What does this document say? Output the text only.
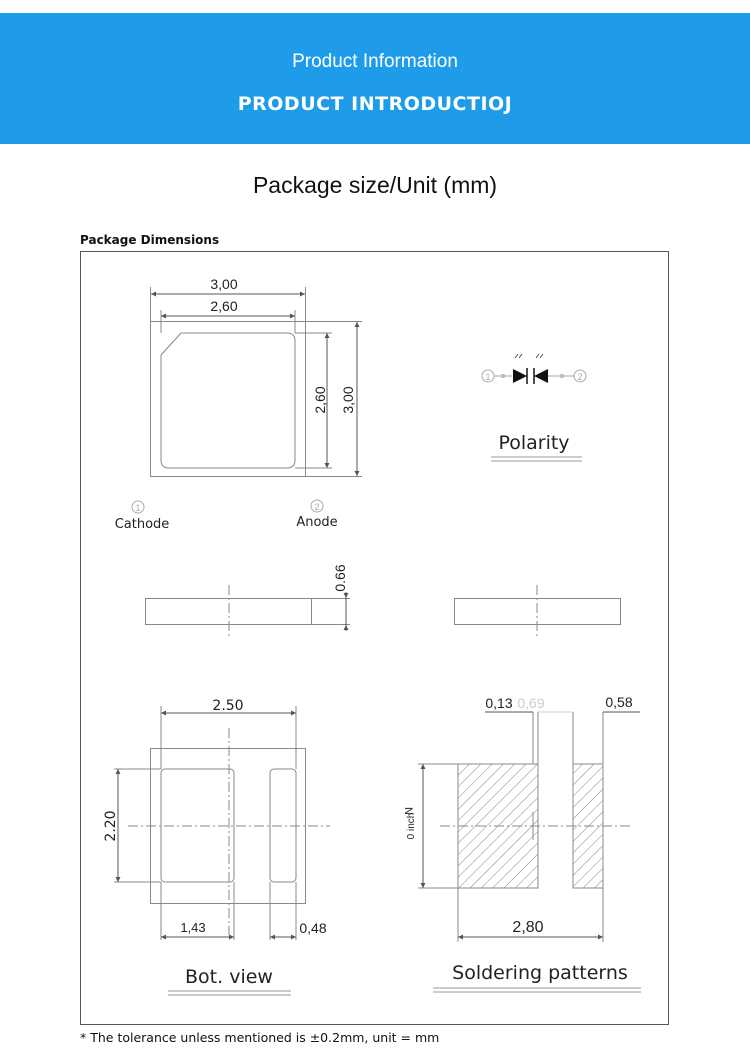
Product Information
PRODUCT INTRODUCTIOJ
Package size/Unit (mm)
Package Dimensions
3,00
2,60
2,60 3,00
1
Cathode
2
Anode
1	2
Polarity
0.66
2.50
2.20
1,43	0,48
Bot. view
0,13 0,69	0,58
N
0 inch
2,80
Soldering patterns
* The tolerance unless mentioned is ±0.2mm, unit = mm
